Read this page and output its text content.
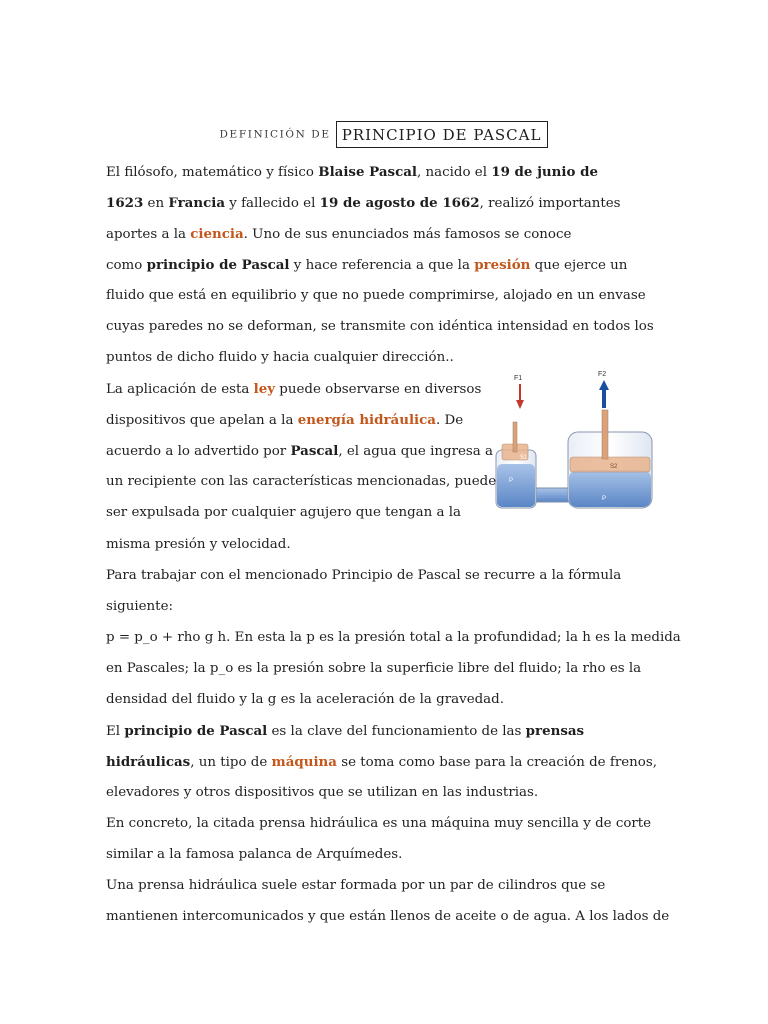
DEFINICIÓN DE PRINCIPIO DE PASCAL
El filósofo, matemático y físico Blaise Pascal, nacido el 19 de junio de
1623 en Francia y fallecido el 19 de agosto de 1662, realizó importantes
aportes a la ciencia. Uno de sus enunciados más famosos se conoce
como principio de Pascal y hace referencia a que la presión que ejerce un
fluido que está en equilibrio y que no puede comprimirse, alojado en un envase
cuyas paredes no se deforman, se transmite con idéntica intensidad en todos los
puntos de dicho fluido y hacia cualquier dirección..
La aplicación de esta ley puede observarse en diversos
dispositivos que apelan a la energía hidráulica. De
acuerdo a lo advertido por Pascal, el agua que ingresa a
un recipiente con las características mencionadas, puede
ser expulsada por cualquier agujero que tengan a la
misma presión y velocidad.
Para trabajar con el mencionado Principio de Pascal se recurre a la fórmula
siguiente:
p = p_o + rho g h. En esta la p es la presión total a la profundidad; la h es la medida
en Pascales; la p_o es la presión sobre la superficie libre del fluido; la rho es la
densidad del fluido y la g es la aceleración de la gravedad.
El principio de Pascal es la clave del funcionamiento de las prensas
hidráulicas, un tipo de máquina se toma como base para la creación de frenos,
elevadores y otros dispositivos que se utilizan en las industrias.
En concreto, la citada prensa hidráulica es una máquina muy sencilla y de corte
similar a la famosa palanca de Arquímedes.
Una prensa hidráulica suele estar formada por un par de cilindros que se
mantienen intercomunicados y que están llenos de aceite o de agua. A los lados de
S1
P
F1
S2
P
F2
